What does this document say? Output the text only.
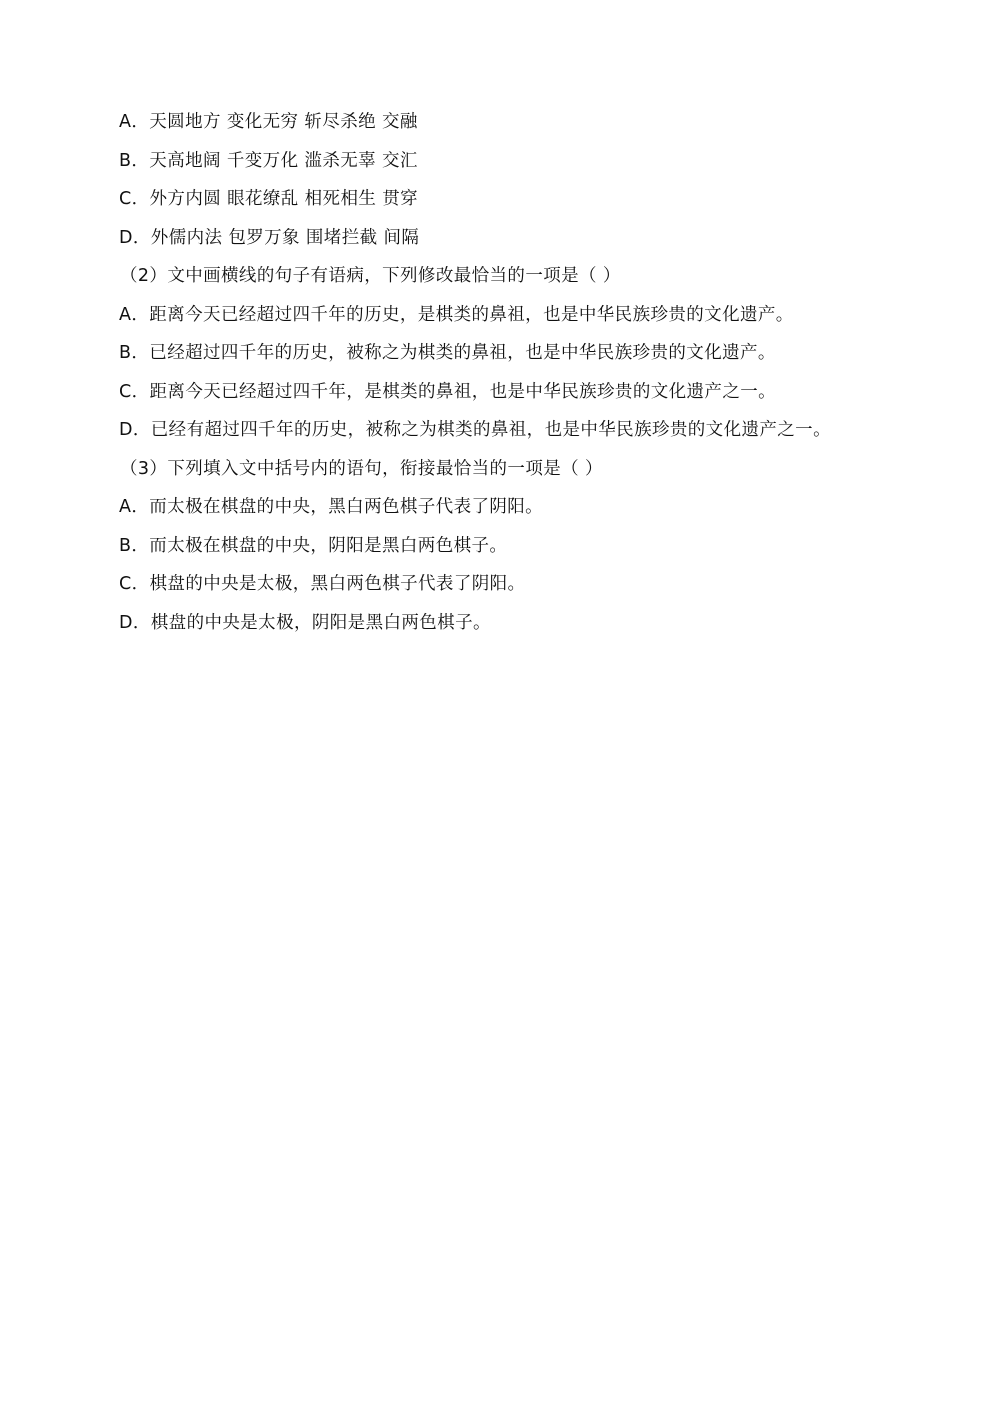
A．天圆地方 变化无穷 斩尽杀绝 交融
B．天高地阔 千变万化 滥杀无辜 交汇
C．外方内圆 眼花缭乱 相死相生 贯穿
D．外儒内法 包罗万象 围堵拦截 间隔
（2）文中画横线的句子有语病，下列修改最恰当的一项是（ ）
A．距离今天已经超过四千年的历史，是棋类的鼻祖，也是中华民族珍贵的文化遗产。
B．已经超过四千年的历史，被称之为棋类的鼻祖，也是中华民族珍贵的文化遗产。
C．距离今天已经超过四千年，是棋类的鼻祖，也是中华民族珍贵的文化遗产之一。
D．已经有超过四千年的历史，被称之为棋类的鼻祖，也是中华民族珍贵的文化遗产之一。
（3）下列填入文中括号内的语句，衔接最恰当的一项是（ ）
A．而太极在棋盘的中央，黑白两色棋子代表了阴阳。
B．而太极在棋盘的中央，阴阳是黑白两色棋子。
C．棋盘的中央是太极，黑白两色棋子代表了阴阳。
D．棋盘的中央是太极，阴阳是黑白两色棋子。
